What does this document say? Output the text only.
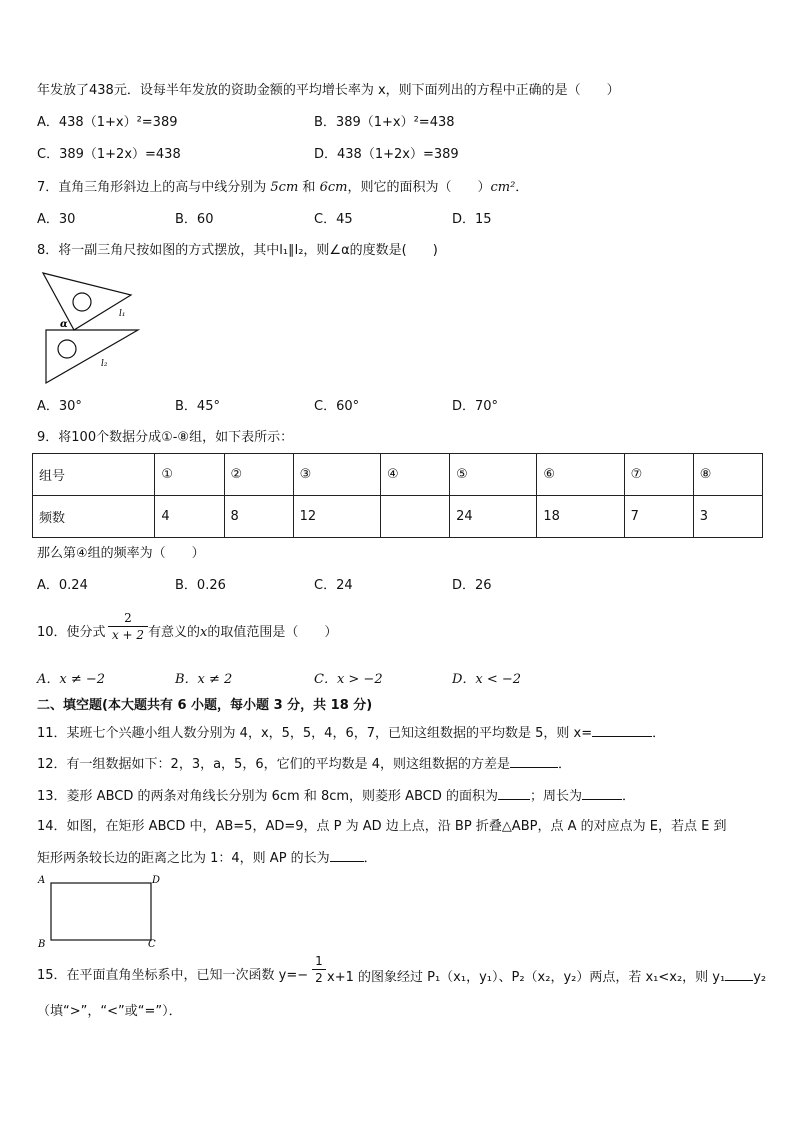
年发放了438元．设每半年发放的资助金额的平均增长率为 x，则下面列出的方程中正确的是（　　）
A．438（1+x）²=389	B．389（1+x）²=438
C．389（1+2x）=438	D．438（1+2x）=389
7．直角三角形斜边上的高与中线分别为 5cm 和 6cm，则它的面积为（　　）cm²．
A．30	B．60	C．45	D．15
8．将一副三角尺按如图的方式摆放，其中l₁∥l₂，则∠α的度数是(　　)
α
l₁
l₂
A．30°	B．45°	C．60°	D．70°
9．将100个数据分成①-⑧组，如下表所示：
组号	①	②	③	④	⑤	⑥	⑦	⑧
频数	4	8	12		24	18	7	3
那么第④组的频率为（　　）
A．0.24	B．0.26	C．24	D．26
10．使分式 $\frac{2}{x + 2}$ 有意义的x的取值范围是（　　）
A．x ≠ −2	B．x ≠ 2	C．x > −2	D．x < −2
二、填空题(本大题共有 6 小题，每小题 3 分，共 18 分)
11．某班七个兴趣小组人数分别为 4，x，5，5，4，6，7，已知这组数据的平均数是 5，则 x=	．
12．有一组数据如下：2，3，a，5，6，它们的平均数是 4，则这组数据的方差是	．
13．菱形 ABCD 的两条对角线长分别为 6cm 和 8cm，则菱形 ABCD 的面积为 ；周长为	．
14．如图，在矩形 ABCD 中，AB=5，AD=9，点 P 为 AD 边上点，沿 BP 折叠△ABP，点 A 的对应点为 E，若点 E 到
矩形两条较长边的距离之比为 1：4，则 AP 的长为	．
A	D
B	C
15．在平面直角坐标系中，已知一次函数 $y=- \frac{1}{2} x+1$ 的图象经过 P₁（x₁，y₁）、P₂（x₂，y₂）两点，若 x₁<x₂，则 y₁ y₂
（填“>”，“<”或“=”）．
